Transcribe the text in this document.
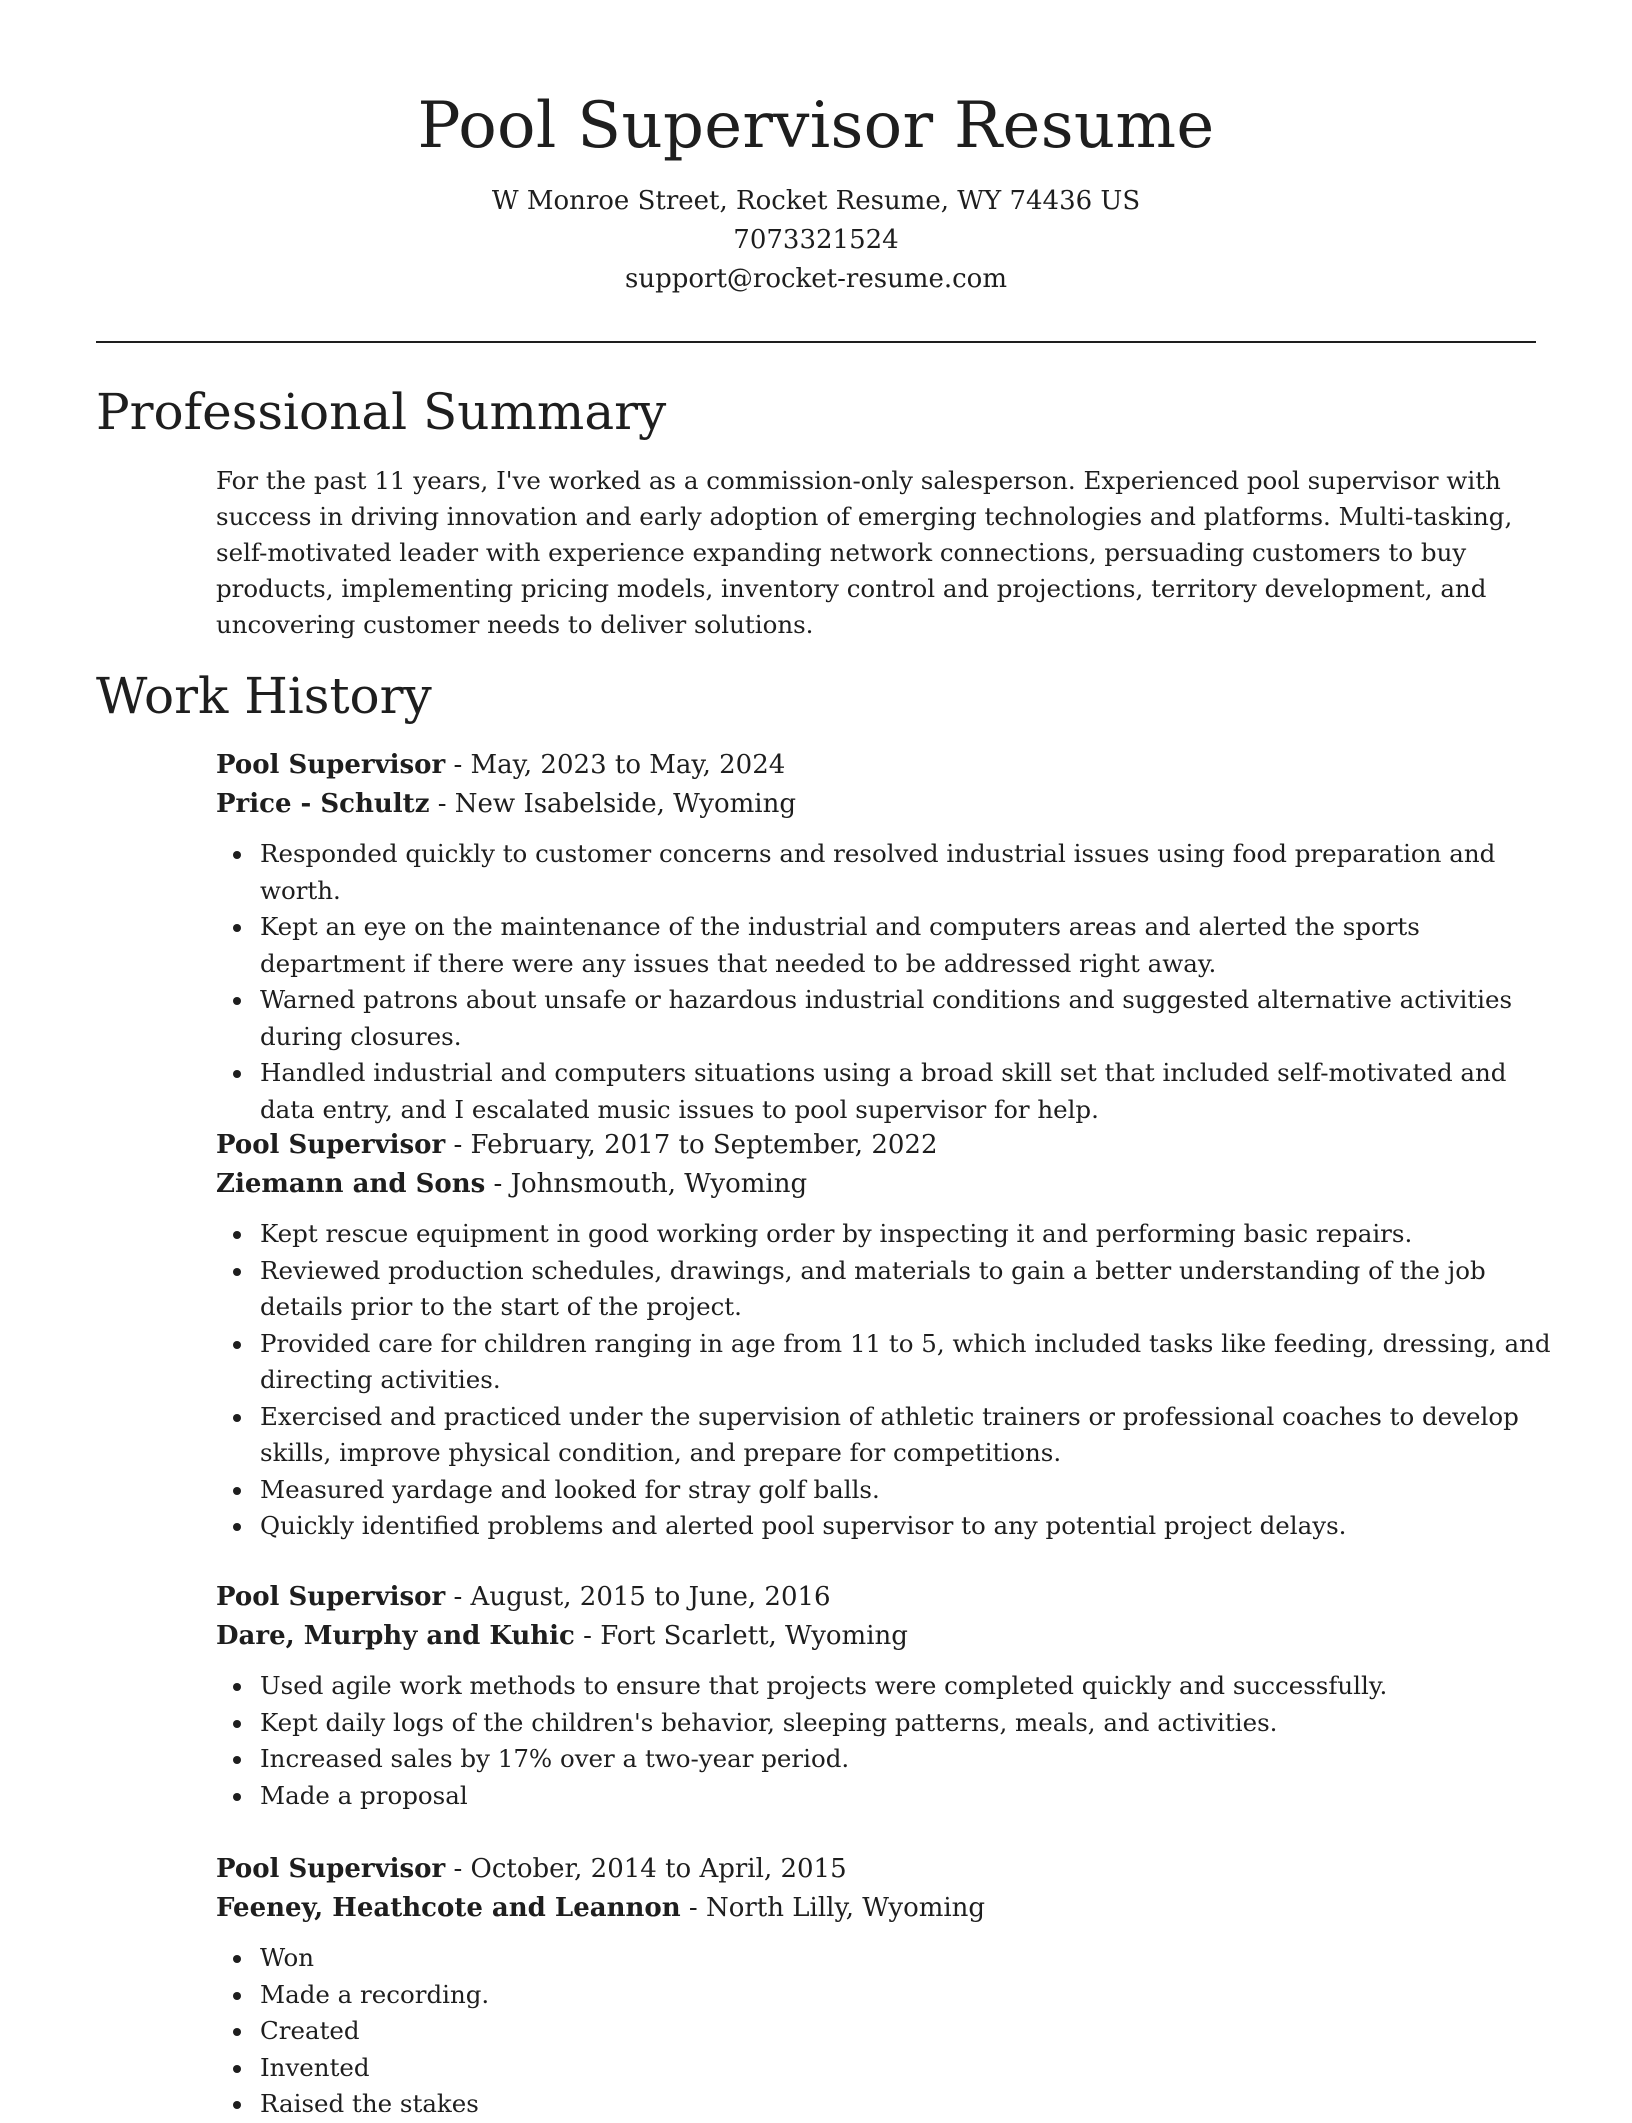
Pool Supervisor Resume

W Monroe Street, Rocket Resume, WY 74436 US

7073321524

support@rocket-resume.com

Professional Summary

For the past 11 years, I've worked as a commission-only salesperson. Experienced pool supervisor with success in driving innovation and early adoption of emerging technologies and platforms. Multi-tasking, self-motivated leader with experience expanding network connections, persuading customers to buy products, implementing pricing models, inventory control and projections, territory development, and uncovering customer needs to deliver solutions.

Work History

Pool Supervisor - May, 2023 to May, 2024

Price - Schultz - New Isabelside, Wyoming

Responded quickly to customer concerns and resolved industrial issues using food preparation and worth.
Kept an eye on the maintenance of the industrial and computers areas and alerted the sports department if there were any issues that needed to be addressed right away.
Warned patrons about unsafe or hazardous industrial conditions and suggested alternative activities during closures.
Handled industrial and computers situations using a broad skill set that included self-motivated and data entry, and I escalated music issues to pool supervisor for help.

Pool Supervisor - February, 2017 to September, 2022

Ziemann and Sons - Johnsmouth, Wyoming

Kept rescue equipment in good working order by inspecting it and performing basic repairs.
Reviewed production schedules, drawings, and materials to gain a better understanding of the job details prior to the start of the project.
Provided care for children ranging in age from 11 to 5, which included tasks like feeding, dressing, and directing activities.
Exercised and practiced under the supervision of athletic trainers or professional coaches to develop skills, improve physical condition, and prepare for competitions.
Measured yardage and looked for stray golf balls.
Quickly identified problems and alerted pool supervisor to any potential project delays.

Pool Supervisor - August, 2015 to June, 2016

Dare, Murphy and Kuhic - Fort Scarlett, Wyoming

Used agile work methods to ensure that projects were completed quickly and successfully.
Kept daily logs of the children's behavior, sleeping patterns, meals, and activities.
Increased sales by 17% over a two-year period.
Made a proposal

Pool Supervisor - October, 2014 to April, 2015

Feeney, Heathcote and Leannon - North Lilly, Wyoming

Won
Made a recording.
Created
Invented
Raised the stakes
